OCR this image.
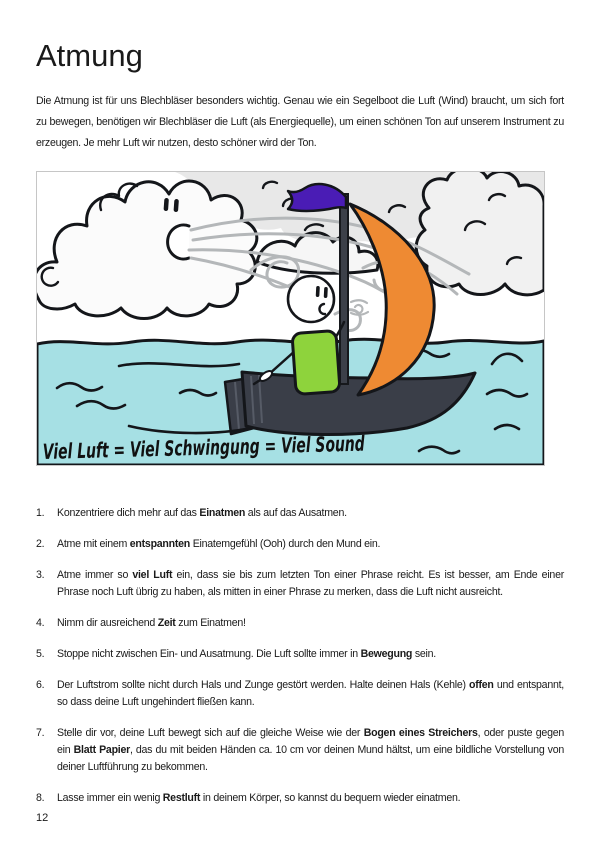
Atmung

Die Atmung ist für uns Blechbläser besonders wichtig. Genau wie ein Segelboot die Luft (Wind) braucht, um sich fort zu bewegen, benötigen wir Blechbläser die Luft (als Energiequelle), um einen schönen Ton auf unserem Instrument zu erzeugen. Je mehr Luft wir nutzen, desto schöner wird der Ton.

Viel Luft = Viel Schwingung = Viel Sound
1.	Konzentriere dich mehr auf das Einatmen als auf das Ausatmen.
2.	Atme mit einem entspannten Einatemgefühl (Ooh) durch den Mund ein.
3.	Atme immer so viel Luft ein, dass sie bis zum letzten Ton einer Phrase reicht. Es ist besser, am Ende einer Phrase noch Luft übrig zu haben, als mitten in einer Phrase zu merken, dass die Luft nicht ausreicht.
4.	Nimm dir ausreichend Zeit zum Einatmen!
5.	Stoppe nicht zwischen Ein- und Ausatmung. Die Luft sollte immer in Bewegung sein.
6.	Der Luftstrom sollte nicht durch Hals und Zunge gestört werden. Halte deinen Hals (Kehle) offen und entspannt, so dass deine Luft ungehindert fließen kann.
7.	Stelle dir vor, deine Luft bewegt sich auf die gleiche Weise wie der Bogen eines Streichers, oder puste gegen ein Blatt Papier, das du mit beiden Händen ca. 10 cm vor deinen Mund hältst, um eine bildliche Vorstellung von deiner Luftführung zu bekommen.
8.	Lasse immer ein wenig Restluft in deinem Körper, so kannst du bequem wieder einatmen.
12
